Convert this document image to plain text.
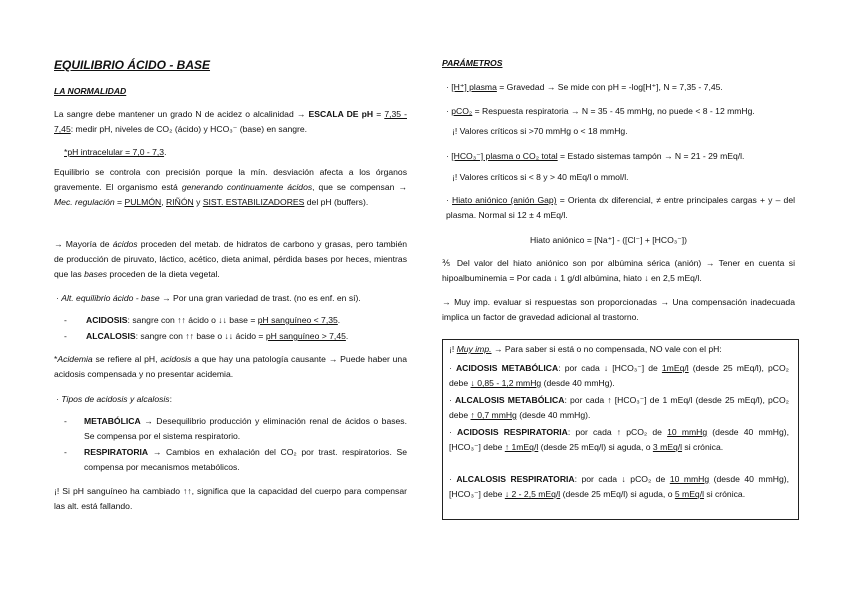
EQUILIBRIO ÁCIDO - BASE
LA NORMALIDAD
La sangre debe mantener un grado N de acidez o alcalinidad → ESCALA DE pH = 7,35 - 7,45: medir pH, niveles de CO₂ (ácido) y HCO₃⁻ (base) en sangre.
*pH intracelular = 7,0 - 7,3.
Equilibrio se controla con precisión porque la mín. desviación afecta a los órganos gravemente. El organismo está generando continuamente ácidos, que se compensan → Mec. regulación = PULMÓN, RIÑÓN y SIST. ESTABILIZADORES del pH (buffers).
→ Mayoría de ácidos proceden del metab. de hidratos de carbono y grasas, pero también de producción de piruvato, láctico, acético, dieta animal, pérdida bases por heces, mientras que las bases proceden de la dieta vegetal.
· Alt. equilibrio ácido - base → Por una gran variedad de trast. (no es enf. en sí).
- ACIDOSIS: sangre con ↑↑ ácido o ↓↓ base = pH sanguíneo < 7,35.
- ALCALOSIS: sangre con ↑↑ base o ↓↓ ácido = pH sanguíneo > 7,45.
*Acidemia se refiere al pH, acidosis a que hay una patología causante → Puede haber una acidosis compensada y no presentar acidemia.
· Tipos de acidosis y alcalosis:
- METABÓLICA → Desequilibrio producción y eliminación renal de ácidos o bases. Se compensa por el sistema respiratorio.
- RESPIRATORIA → Cambios en exhalación del CO₂ por trast. respiratorios. Se compensa por mecanismos metabólicos.
¡! Si pH sanguíneo ha cambiado ↑↑, significa que la capacidad del cuerpo para compensar las alt. está fallando.
PARÁMETROS
· [H⁺] plasma = Gravedad → Se mide con pH = -log[H⁺], N = 7,35 - 7,45.
· pCO₂ = Respuesta respiratoria → N = 35 - 45 mmHg, no puede < 8 - 12 mmHg.
¡! Valores críticos si >70 mmHg o < 18 mmHg.
· [HCO₃⁻] plasma o CO₂ total = Estado sistemas tampón → N = 21 - 29 mEq/l.
¡! Valores críticos si < 8 y > 40 mEq/l o mmol/l.
· Hiato aniónico (anión Gap) = Orienta dx diferencial, ≠ entre principales cargas + y – del plasma. Normal si 12 ± 4 mEq/l.
Hiato aniónico = [Na⁺] - ([Cl⁻] + [HCO₃⁻])
⅗ Del valor del hiato aniónico son por albúmina sérica (anión) → Tener en cuenta si hipoalbuminemia = Por cada ↓ 1 g/dl albúmina, hiato ↓ en 2,5 mEq/l.
→ Muy imp. evaluar si respuestas son proporcionadas → Una compensación inadecuada implica un factor de gravedad adicional al trastorno.
¡! Muy imp. → Para saber si está o no compensada, NO vale con el pH:
· ACIDOSIS METABÓLICA: por cada ↓ [HCO₃⁻] de 1mEq/l (desde 25 mEq/l), pCO₂ debe ↓ 0,85 - 1,2 mmHg (desde 40 mmHg).
· ALCALOSIS METABÓLICA: por cada ↑ [HCO₃⁻] de 1 mEq/l (desde 25 mEq/l), pCO₂ debe ↑ 0,7 mmHg (desde 40 mmHg).
· ACIDOSIS RESPIRATORIA: por cada ↑ pCO₂ de 10 mmHg (desde 40 mmHg), [HCO₃⁻] debe ↑ 1mEq/l (desde 25 mEq/l) si aguda, o 3 mEq/l si crónica.
· ALCALOSIS RESPIRATORIA: por cada ↓ pCO₂ de 10 mmHg (desde 40 mmHg), [HCO₃⁻] debe ↓ 2 - 2,5 mEq/l (desde 25 mEq/l) si aguda, o 5 mEq/l si crónica.
